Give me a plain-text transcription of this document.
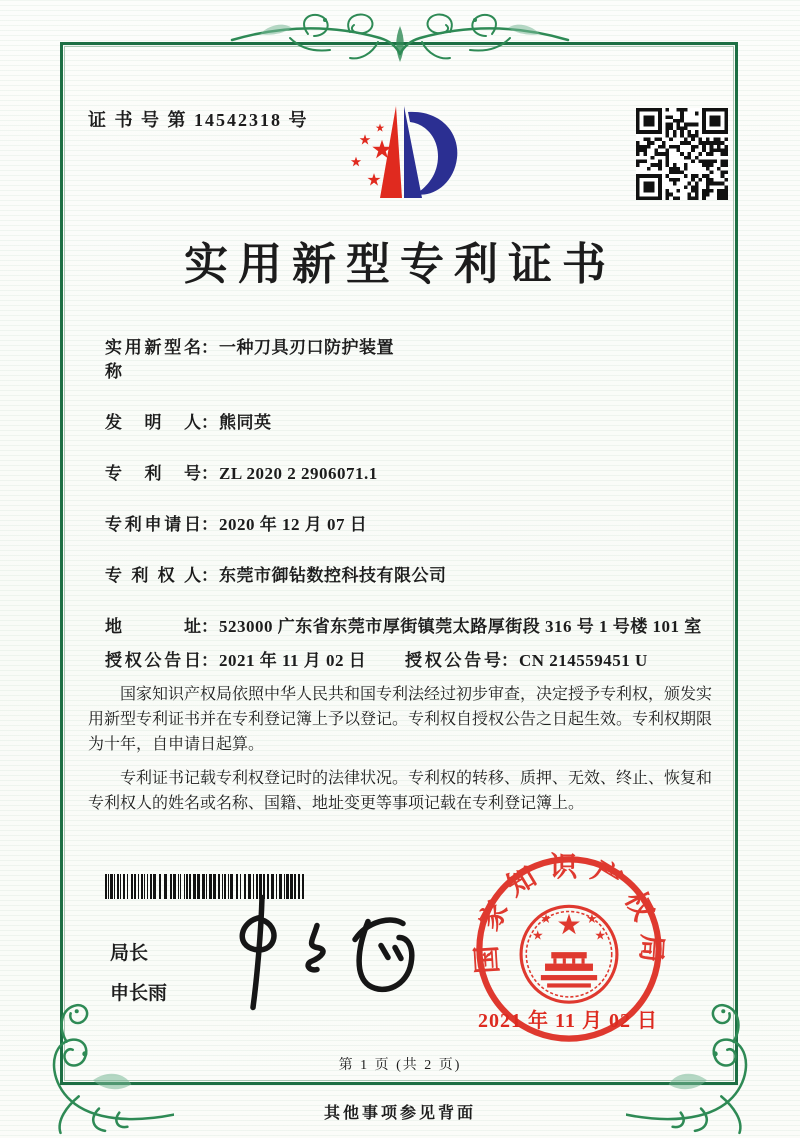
证 书 号 第 14542318 号
实用新型专利证书
实用新型名称
： 一种刀具刃口防护装置
发明人 ： 熊同英
专利号 ： ZL 2020 2 2906071.1
专利申请日 ： 2020 年 12 月 07 日
专利权人 ： 东莞市御钻数控科技有限公司
地址 ： 523000 广东省东莞市厚街镇莞太路厚街段 316 号 1 号楼 101 室
授权公告日 ： 2021 年 11 月 02 日	授权公告号 ： CN 214559451 U

国家知识产权局依照中华人民共和国专利法经过初步审查，决定授予专利权，颁发实用新型专利证书并在专利登记簿上予以登记。专利权自授权公告之日起生效。专利权期限为十年，自申请日起算。

专利证书记载专利权登记时的法律状况。专利权的转移、质押、无效、终止、恢复和专利权人的姓名或名称、国籍、地址变更等事项记载在专利登记簿上。

局长
申长雨
国家知识产权局
2021 年 11 月 02 日
第 1 页 (共 2 页)
其他事项参见背面
